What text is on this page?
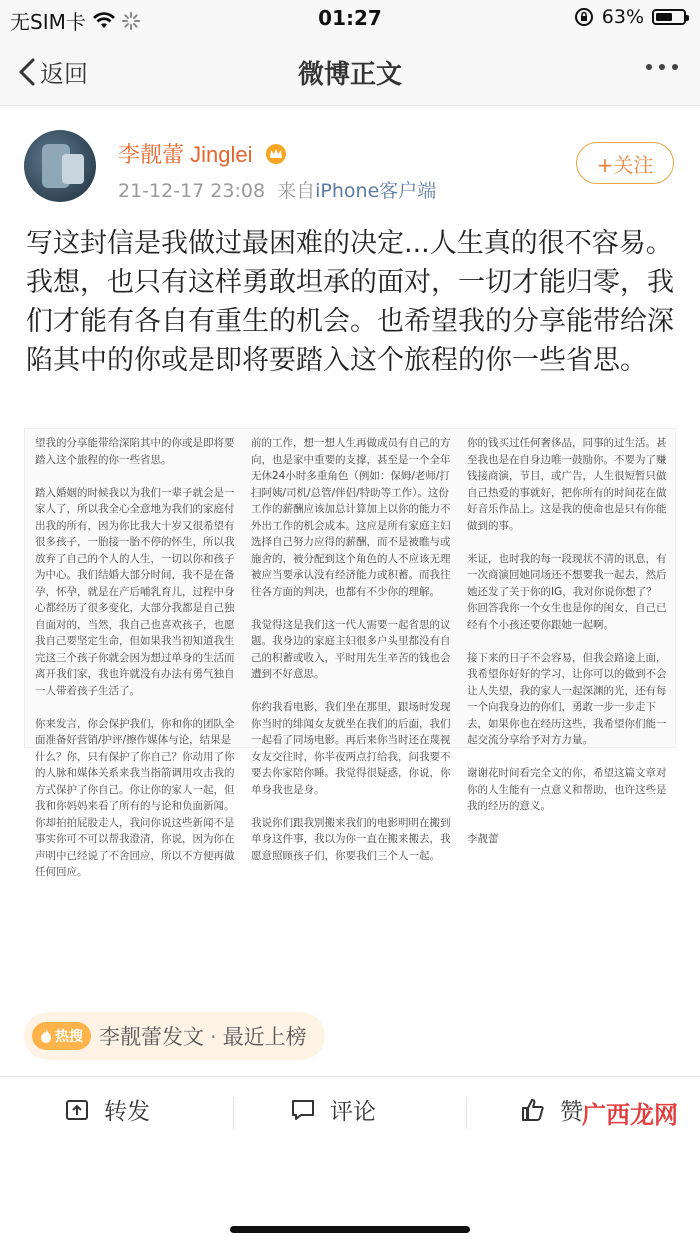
无SIM卡	01:27	63%
返回	微博正文
李靓蕾 Jinglei
21-12-17 23:08 来自iPhone客户端
+关注
写这封信是我做过最困难的决定...人生真的很不容易。我想，也只有这样勇敢坦承的面对，一切才能归零，我们才能有各自有重生的机会。也希望我的分享能带给深陷其中的你或是即将要踏入这个旅程的你一些省思。
望我的分享能带给深陷其中的你或是即将要踏入这个旅程的你一些省思。

踏入婚姻的时候我以为我们一辈子就会是一家人了，所以我全心全意地为我们的家庭付出我的所有，因为你比我大十岁又很希望有很多孩子，一胎接一胎不停的怀生，所以我放弃了自己的个人的人生，一切以你和孩子为中心。我们结婚大部分时间，我不是在备孕，怀孕，就是在产后哺乳育儿，过程中身心都经历了很多变化，大部分我都是自己独自面对的，当然，我自己也喜欢孩子，也愿我自己要坚定生命，但如果我当初知道我生完这三个孩子你就会因为想过单身的生活而离开我们家，我也许就没有办法有勇气独自一人带着孩子生活了。

你来发言，你会保护我们，你和你的团队全面准备好营销/护评/擦作媒体与论，结果是什么？你，只有保护了你自己？你动用了你的人脉和媒体关系来我当指箭调用攻击我的方式保护了你自己。你让你的家人一起，但我和你妈妈来看了所有的与论和负面新闻。你却拍拍屁股走人，我问你说这些新闻不是事实你可不可以帮我澄清，你说，因为你在声明中已经说了不舍回应，所以不方便再做任何回应。
前的工作，想一想人生再做成员有自己的方向，也是家中重要的支撑，甚至是一个全年无休24小时多重角色（例如：保姆/老师/打扫阿姨/司机/总管/伴侣/特助等工作）。这份工作的薪酬应该加总计算加上以你的能力不外出工作的机会成本。这应是所有家庭主妇选择自己努力应得的薪酬，而不是被瞧与或施舍的，被分配到这个角色的人不应该无理被应当要承认没有经济能力或积蓄。而我往往各方面的判决，也都有不少你的理解。

我觉得这是我们这一代人需要一起省思的议题。我身边的家庭主妇很多户头里都没有自己的积蓄或收入，平时用先生辛苦的钱也会遭到不好意思。

你约我看电影，我们坐在那里，跟场时发现你当时的绯闻女友就坐在我们的后面，我们一起看了同场电影。再后来你当时还在蔑视女友交往时，你半夜两点打给我，问我要不要去你家陪你睡。我觉得很疑惑，你说，你单身我也是身。

我说你们跟我别搬来我们的电影明明在搬到单身这件事，我以为你一直在搬来搬去，我愿意照顾孩子们，你要我们三个人一起。
你的钱买过任何奢侈品，同事的过生活。甚至我也是在自身边唯一鼓励你。不要为了赚钱接商演，节目，或广告，人生很短暂只做自己热爱的事就好，把你所有的时间花在做好音乐作品上。这是我的使命也是只有你能做到的事。

米证，也时我的每一段现状不清的讯息，有一次商演回她同场还不想要我一起去，然后她还发了关于你的IG，我对你说你想了？ 你回答我你一个女生也是你的闺女，自己已经有个小孩还要你跟她一起啊。

接下来的日子不会容易，但我会路途上面，我希望你好好的学习，让你可以的做到不会让人失望，我的家人一起深渊的光，还有每一个向我身边的你们，勇敢一步一步走下去，如果你也在经历这些，我希望你们能一起交流分享给予对方力量。

谢谢花时间看完全文的你，希望这篇文章对你的人生能有一点意义和帮助，也许这些是我的经历的意义。

李靓蕾
热搜 李靓蕾发文 · 最近上榜
转发	评论	赞 广西龙网
